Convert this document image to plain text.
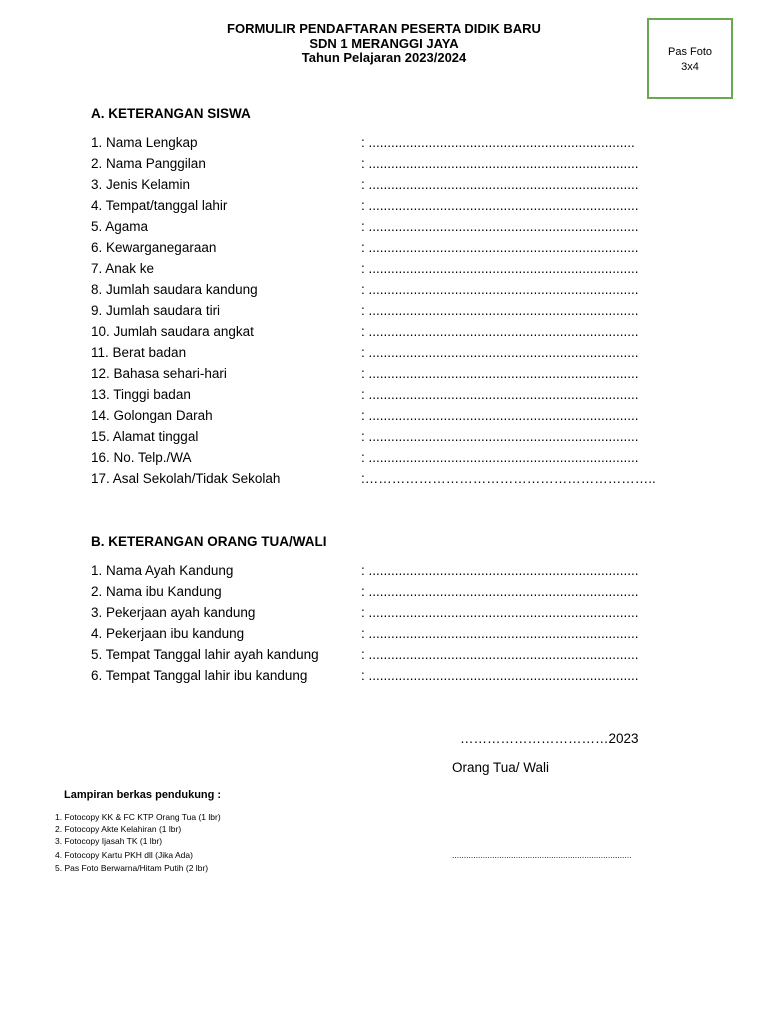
FORMULIR PENDAFTARAN PESERTA DIDIK BARU
SDN 1 MERANGGI JAYA
Tahun Pelajaran 2023/2024	Pas Foto
3x4
A. KETERANGAN SISWA
1. Nama Lengkap	: .......................................................................
2. Nama Panggilan	: ........................................................................
3. Jenis Kelamin	: ........................................................................
4. Tempat/tanggal lahir	: ........................................................................
5. Agama	: ........................................................................
6. Kewarganegaraan	: ........................................................................
7. Anak ke	: ........................................................................
8. Jumlah saudara kandung	: ........................................................................
9. Jumlah saudara tiri	: ........................................................................
10. Jumlah saudara angkat	: ........................................................................
11. Berat badan	: ........................................................................
12. Bahasa sehari-hari	: ........................................................................
13. Tinggi badan	: ........................................................................
14. Golongan Darah	: ........................................................................
15. Alamat tinggal	: ........................................................................
16. No. Telp./WA	: ........................................................................
17. Asal Sekolah/Tidak Sekolah	:………………………………………………………..
B. KETERANGAN ORANG TUA/WALI
1. Nama Ayah Kandung	: ........................................................................
2. Nama ibu Kandung	: ........................................................................
3. Pekerjaan ayah kandung	: ........................................................................
4. Pekerjaan ibu kandung	: ........................................................................
5. Tempat Tanggal lahir ayah kandung	: ........................................................................
6. Tempat Tanggal lahir ibu kandung	: ........................................................................
……………………………2023
Orang Tua/ Wali
Lampiran berkas pendukung :
1. Fotocopy KK & FC KTP Orang Tua (1 lbr)
2. Fotocopy Akte Kelahiran (1 lbr)
3. Fotocopy Ijasah TK (1 lbr)
4. Fotocopy Kartu PKH dll (Jika Ada)
5. Pas Foto Berwarna/Hitam Putih (2 lbr)
............................................................................
